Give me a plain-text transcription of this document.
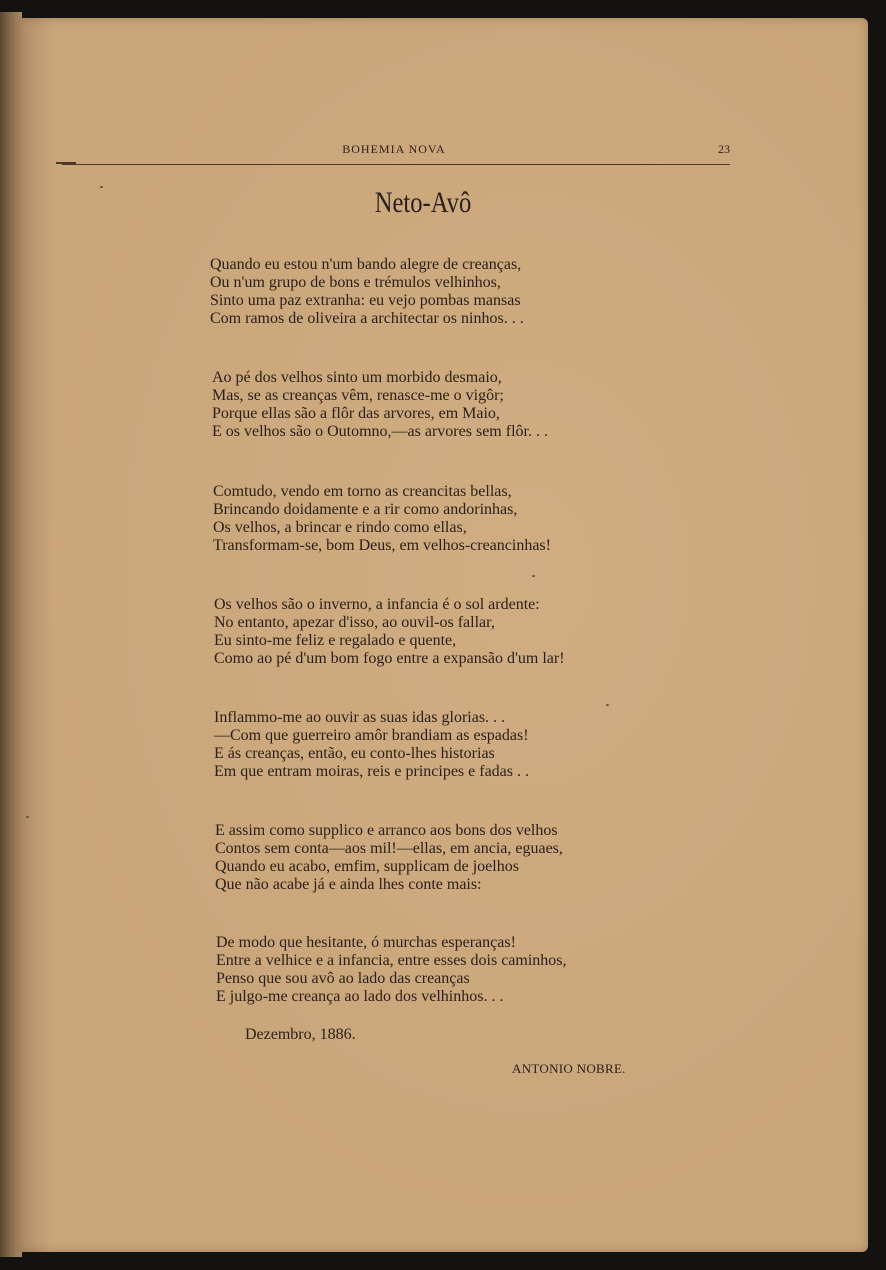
BOHEMIA NOVA	23
Neto-Avô
Quando eu estou n'um bando alegre de creanças,
Ou n'um grupo de bons e trémulos velhinhos,
Sinto uma paz extranha: eu vejo pombas mansas
Com ramos de oliveira a architectar os ninhos. . .
Ao pé dos velhos sinto um morbido desmaio,
Mas, se as creanças vêm, renasce-me o vigôr;
Porque ellas são a flôr das arvores, em Maio,
E os velhos são o Outomno,—as arvores sem flôr. . .
Comtudo, vendo em torno as creancitas bellas,
Brincando doidamente e a rir como andorinhas,
Os velhos, a brincar e rindo como ellas,
Transformam-se, bom Deus, em velhos-creancinhas!
Os velhos são o inverno, a infancia é o sol ardente:
No entanto, apezar d'isso, ao ouvil-os fallar,
Eu sinto-me feliz e regalado e quente,
Como ao pé d'um bom fogo entre a expansão d'um lar!
Inflammo-me ao ouvir as suas idas glorias. . .
—Com que guerreiro amôr brandiam as espadas!
E ás creanças, então, eu conto-lhes historias
Em que entram moiras, reis e principes e fadas . .
E assim como supplico e arranco aos bons dos velhos
Contos sem conta—aos mil!—ellas, em ancia, eguaes,
Quando eu acabo, emfim, supplicam de joelhos
Que não acabe já e ainda lhes conte mais:
De modo que hesitante, ó murchas esperanças!
Entre a velhice e a infancia, entre esses dois caminhos,
Penso que sou avô ao lado das creanças
E julgo-me creança ao lado dos velhinhos. . .
Dezembro, 1886.
ANTONIO NOBRE.
